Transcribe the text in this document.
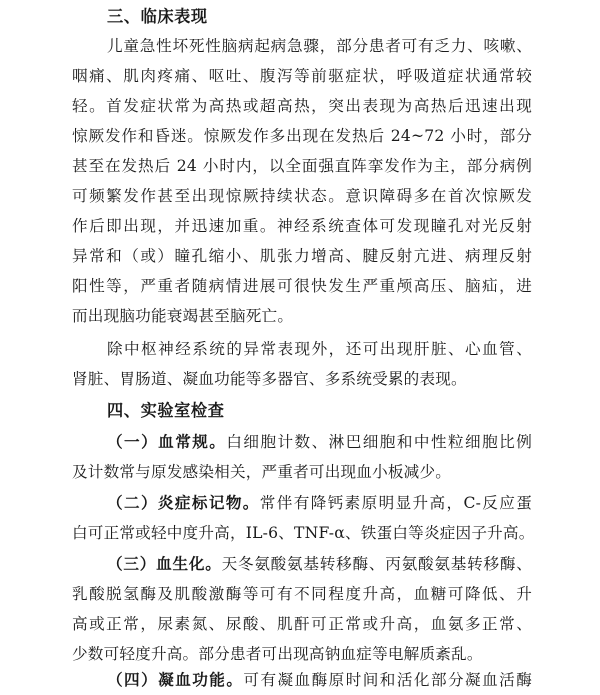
三、临床表现
儿童急性坏死性脑病起病急骤，部分患者可有乏力、咳嗽、
咽痛、肌肉疼痛、呕吐、腹泻等前驱症状，呼吸道症状通常较
轻。首发症状常为高热或超高热，突出表现为高热后迅速出现
惊厥发作和昏迷。惊厥发作多出现在发热后 24~72 小时，部分
甚至在发热后 24 小时内，以全面强直阵挛发作为主，部分病例
可频繁发作甚至出现惊厥持续状态。意识障碍多在首次惊厥发
作后即出现，并迅速加重。神经系统查体可发现瞳孔对光反射
异常和（或）瞳孔缩小、肌张力增高、腱反射亢进、病理反射
阳性等，严重者随病情进展可很快发生严重颅高压、脑疝，进
而出现脑功能衰竭甚至脑死亡。
除中枢神经系统的异常表现外，还可出现肝脏、心血管、
肾脏、胃肠道、凝血功能等多器官、多系统受累的表现。
四、实验室检查
（一）血常规。白细胞计数、淋巴细胞和中性粒细胞比例
及计数常与原发感染相关，严重者可出现血小板减少。
（二）炎症标记物。常伴有降钙素原明显升高，C-反应蛋
白可正常或轻中度升高，IL-6、TNF-α、铁蛋白等炎症因子升高。
（三）血生化。天冬氨酸氨基转移酶、丙氨酸氨基转移酶、
乳酸脱氢酶及肌酸激酶等可有不同程度升高，血糖可降低、升
高或正常，尿素氮、尿酸、肌酐可正常或升高，血氨多正常、
少数可轻度升高。部分患者可出现高钠血症等电解质紊乱。
（四）凝血功能。可有凝血酶原时间和活化部分凝血活酶
